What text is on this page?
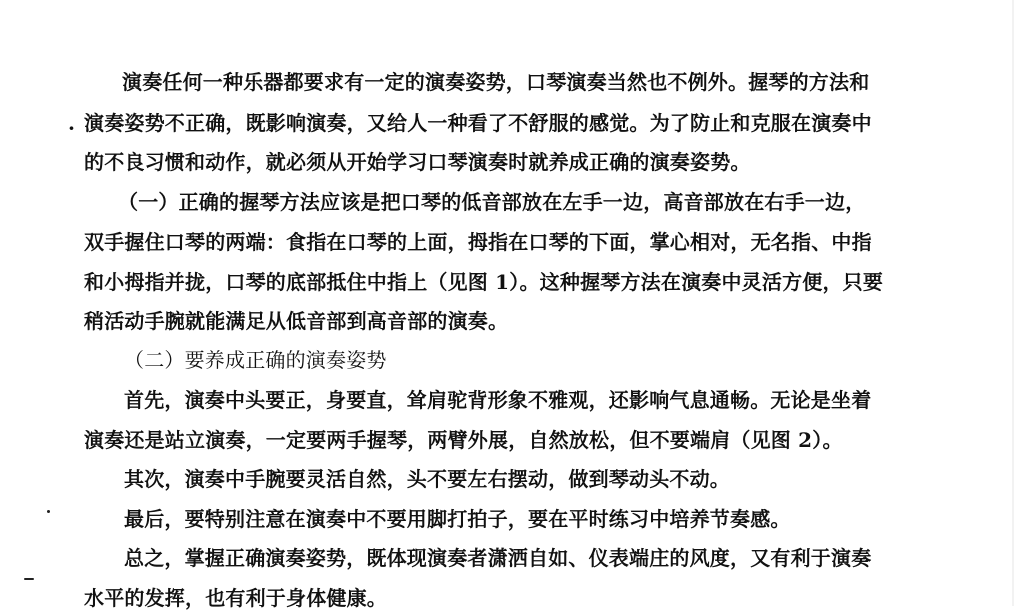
演奏任何一种乐器都要求有一定的演奏姿势，口琴演奏当然也不例外。握琴的方法和
· 演奏姿势不正确，既影响演奏，又给人一种看了不舒服的感觉。为了防止和克服在演奏中
的不良习惯和动作，就必须从开始学习口琴演奏时就养成正确的演奏姿势。
（一）正确的握琴方法应该是把口琴的低音部放在左手一边，高音部放在右手一边，
双手握住口琴的两端：食指在口琴的上面，拇指在口琴的下面，掌心相对，无名指、中指
和小拇指并拢，口琴的底部抵住中指上（见图 1）。这种握琴方法在演奏中灵活方便，只要
稍活动手腕就能满足从低音部到高音部的演奏。
（二）要养成正确的演奏姿势
首先，演奏中头要正，身要直，耸肩驼背形象不雅观，还影响气息通畅。无论是坐着
演奏还是站立演奏，一定要两手握琴，两臂外展，自然放松，但不要端肩（见图 2）。
其次，演奏中手腕要灵活自然，头不要左右摆动，做到琴动头不动。
最后，要特别注意在演奏中不要用脚打拍子，要在平时练习中培养节奏感。
总之，掌握正确演奏姿势，既体现演奏者潇洒自如、仪表端庄的风度，又有利于演奏
水平的发挥，也有利于身体健康。
